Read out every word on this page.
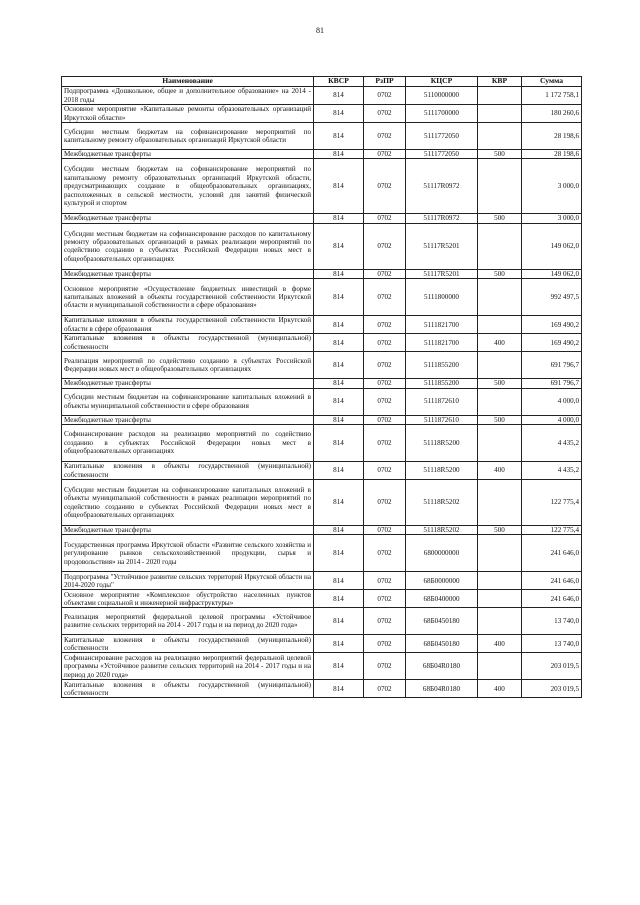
81
Наименование	КВСР	РзПР	КЦСР	КВР	Сумма
Подпрограмма «Дошкольное, общее и дополнительное образование» на 2014 - 2018 годы	814	0702	5110000000		1 172 758,1
Основное мероприятие «Капитальные ремонты образовательных организаций Иркутской области»	814	0702	5111700000		180 260,6
Субсидии местным бюджетам на софинансирование мероприятий по капитальному ремонту образовательных организаций Иркутской области	814	0702	5111772050		28 198,6
Межбюджетные трансферты	814	0702	5111772050	500	28 198,6
Субсидии местным бюджетам на софинансирование мероприятий по капитальному ремонту образовательных организаций Иркутской области, предусматривающих создание в общеобразовательных организациях, расположенных в сельской местности, условий для занятий физической культурой и спортом	814	0702	51117R0972		3 000,0
Межбюджетные трансферты	814	0702	51117R0972	500	3 000,0
Субсидии местным бюджетам на софинансирование расходов по капитальному ремонту образовательных организаций в рамках реализации мероприятий по содействию созданию в субъектах Российской Федерации новых мест в общеобразовательных организациях	814	0702	51117R5201		149 062,0
Межбюджетные трансферты	814	0702	51117R5201	500	149 062,0
Основное мероприятие «Осуществление бюджетных инвестиций в форме капитальных вложений в объекты государственной собственности Иркутской области и муниципальной собственности в сфере образования»	814	0702	5111800000		992 497,5
Капитальные вложения в объекты государственной собственности Иркутской области в сфере образования	814	0702	5111821700		169 490,2
Капитальные вложения в объекты государственной (муниципальной) собственности	814	0702	5111821700	400	169 490,2
Реализация мероприятий по содействию созданию в субъектах Российской Федерации новых мест в общеобразовательных организациях	814	0702	5111855200		691 796,7
Межбюджетные трансферты	814	0702	5111855200	500	691 796,7
Субсидии местным бюджетам на софинансирование капитальных вложений в объекты муниципальной собственности в сфере образования	814	0702	5111872610		4 000,0
Межбюджетные трансферты	814	0702	5111872610	500	4 000,0
Софинансирование расходов на реализацию мероприятий по содействию созданию в субъектах Российской Федерации новых мест в общеобразовательных организациях	814	0702	51118R5200		4 435,2
Капитальные вложения в объекты государственной (муниципальной) собственности	814	0702	51118R5200	400	4 435,2
Субсидии местным бюджетам на софинансирование капитальных вложений в объекты муниципальной собственности в рамках реализации мероприятий по содействию созданию в субъектах Российской Федерации новых мест в общеобразовательных организациях	814	0702	51118R5202		122 775,4
Межбюджетные трансферты	814	0702	51118R5202	500	122 775,4
Государственная программа Иркутской области «Развитие сельского хозяйства и регулирование рынков сельскохозяйственной продукции, сырья и продовольствия» на 2014 - 2020 годы	814	0702	6800000000		241 646,0
Подпрограмма "Устойчивое развитие сельских территорий Иркутской области на 2014-2020 годы"	814	0702	68Б0000000		241 646,0
Основное мероприятие «Комплексное обустройство населенных пунктов объектами социальной и инженерной инфраструктуры»	814	0702	68Б0400000		241 646,0
Реализация мероприятий федеральной целевой программы «Устойчивое развитие сельских территорий на 2014 - 2017 годы и на период до 2020 года»	814	0702	68Б0450180		13 740,0
Капитальные вложения в объекты государственной (муниципальной) собственности	814	0702	68Б0450180	400	13 740,0
Софинансирование расходов на реализацию мероприятий федеральной целевой программы «Устойчивое развитие сельских территорий на 2014 - 2017 годы и на период до 2020 года»	814	0702	68Б04R0180		203 019,5
Капитальные вложения в объекты государственной (муниципальной) собственности	814	0702	68Б04R0180	400	203 019,5
